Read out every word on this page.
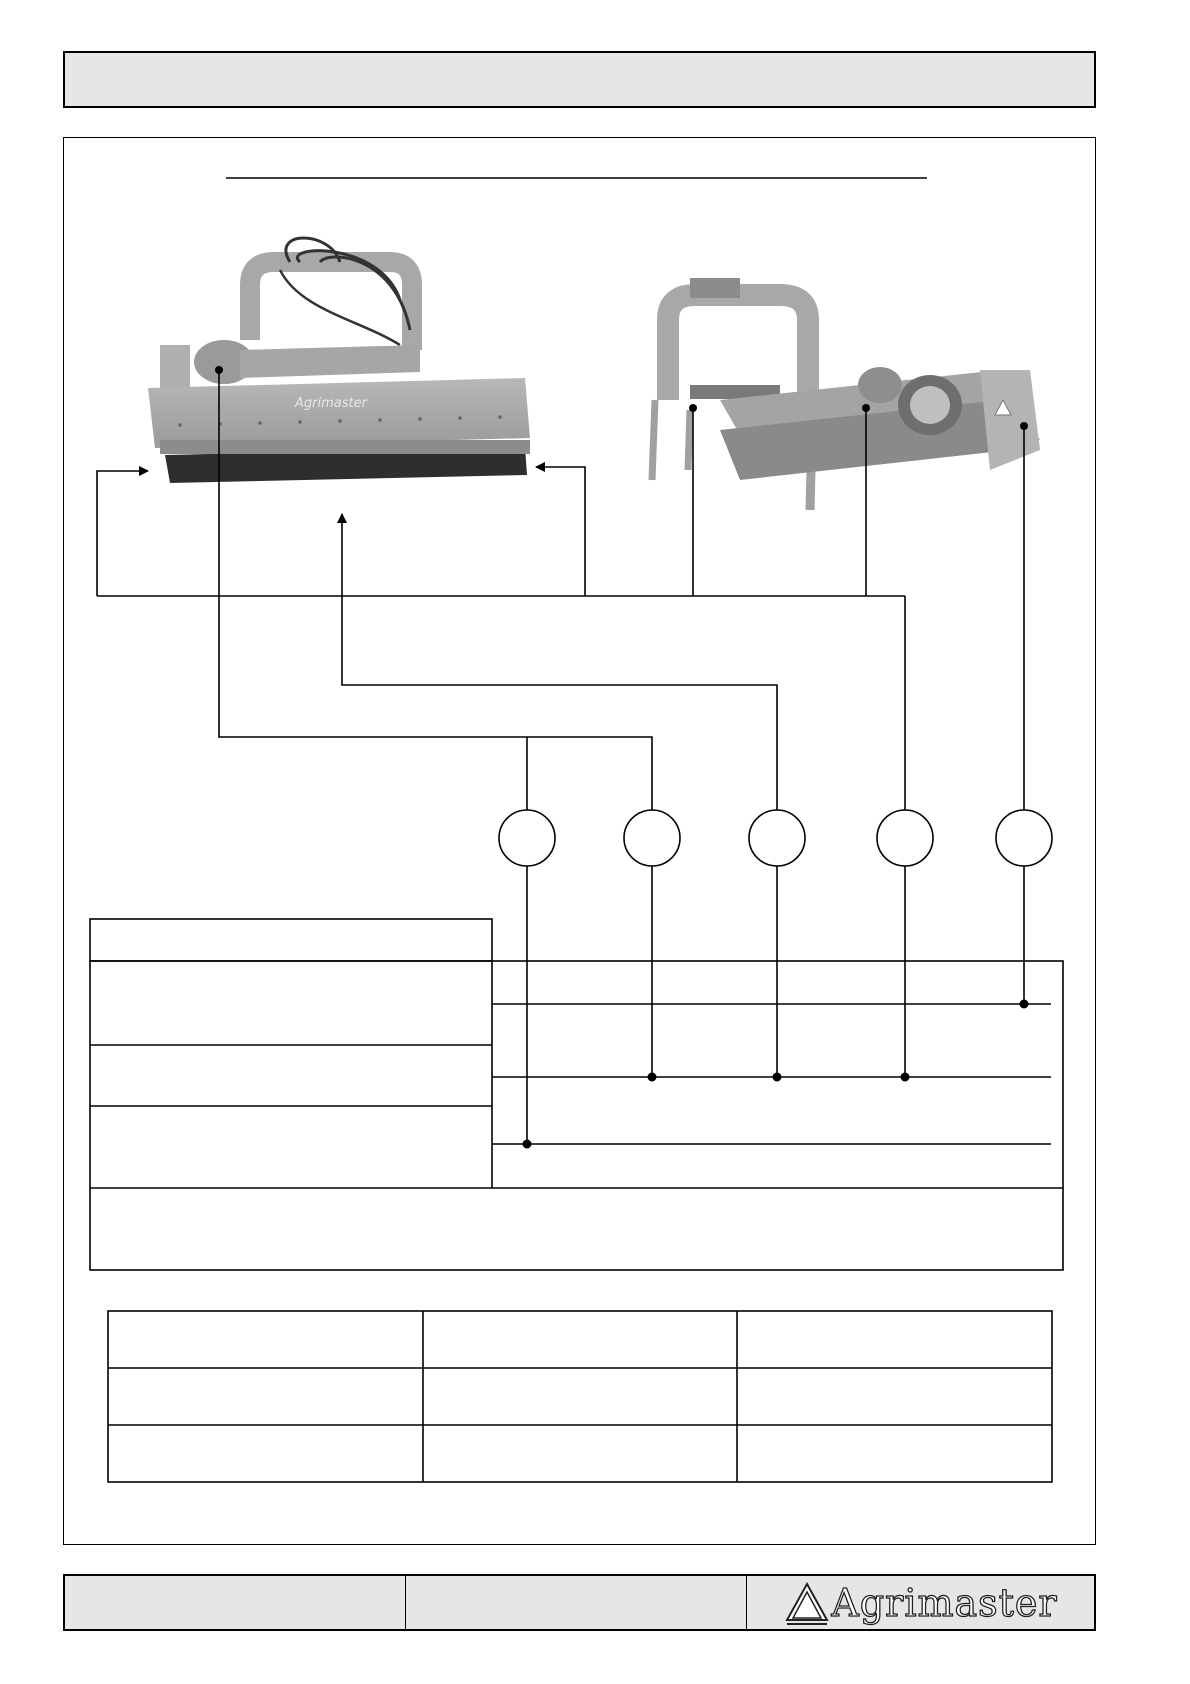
Agrimaster
Agrimaster
